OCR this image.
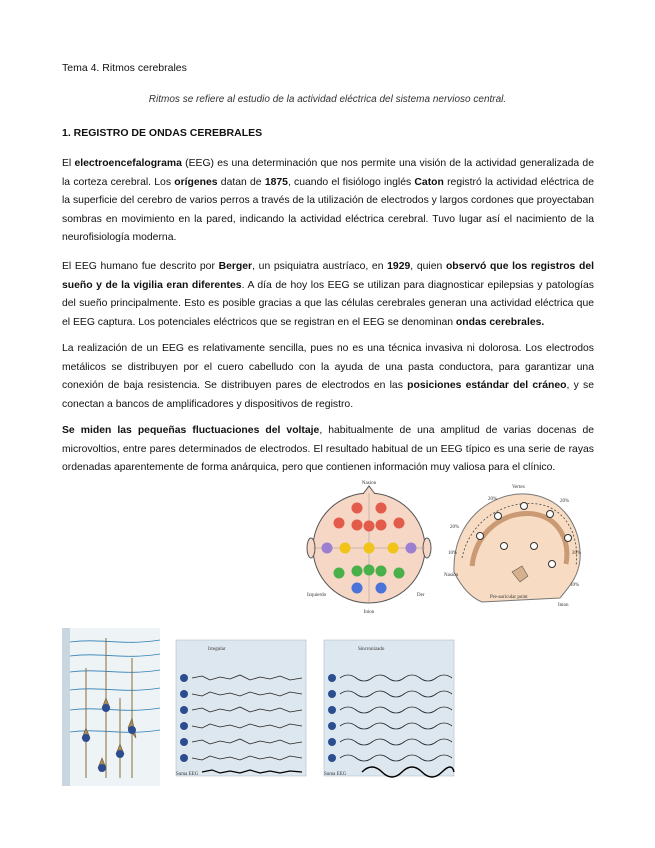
Tema 4. Ritmos cerebrales
Ritmos se refiere al estudio de la actividad eléctrica del sistema nervioso central.
1. REGISTRO DE ONDAS CEREBRALES

El electroencefalograma (EEG) es una determinación que nos permite una visión de la actividad generalizada de la corteza cerebral. Los orígenes datan de 1875, cuando el fisiólogo inglés Caton registró la actividad eléctrica de la superficie del cerebro de varios perros a través de la utilización de electrodos y largos cordones que proyectaban sombras en movimiento en la pared, indicando la actividad eléctrica cerebral. Tuvo lugar así el nacimiento de la neurofisiología moderna.

El EEG humano fue descrito por Berger, un psiquiatra austríaco, en 1929, quien observó que los registros del sueño y de la vigilia eran diferentes. A día de hoy los EEG se utilizan para diagnosticar epilepsias y patologías del sueño principalmente. Esto es posible gracias a que las células cerebrales generan una actividad eléctrica que el EEG captura. Los potenciales eléctricos que se registran en el EEG se denominan ondas cerebrales.

La realización de un EEG es relativamente sencilla, pues no es una técnica invasiva ni dolorosa. Los electrodos metálicos se distribuyen por el cuero cabelludo con la ayuda de una pasta conductora, para garantizar una conexión de baja resistencia. Se distribuyen pares de electrodos en las posiciones estándar del cráneo, y se conectan a bancos de amplificadores y dispositivos de registro.

Se miden las pequeñas fluctuaciones del voltaje, habitualmente de una amplitud de varias docenas de microvoltios, entre pares determinados de electrodos. El resultado habitual de un EEG típico es una serie de rayas ordenadas aparentemente de forma anárquica, pero que contienen información muy valiosa para el clínico.

Nasion
Inion
Izquierdo	Der
Vertex
20%	20%
20%
20%
10%
10%
Nasion
Inion
Pre-auricular point
Irregular	Sincronizado
Suma EEG	Suma EEG
